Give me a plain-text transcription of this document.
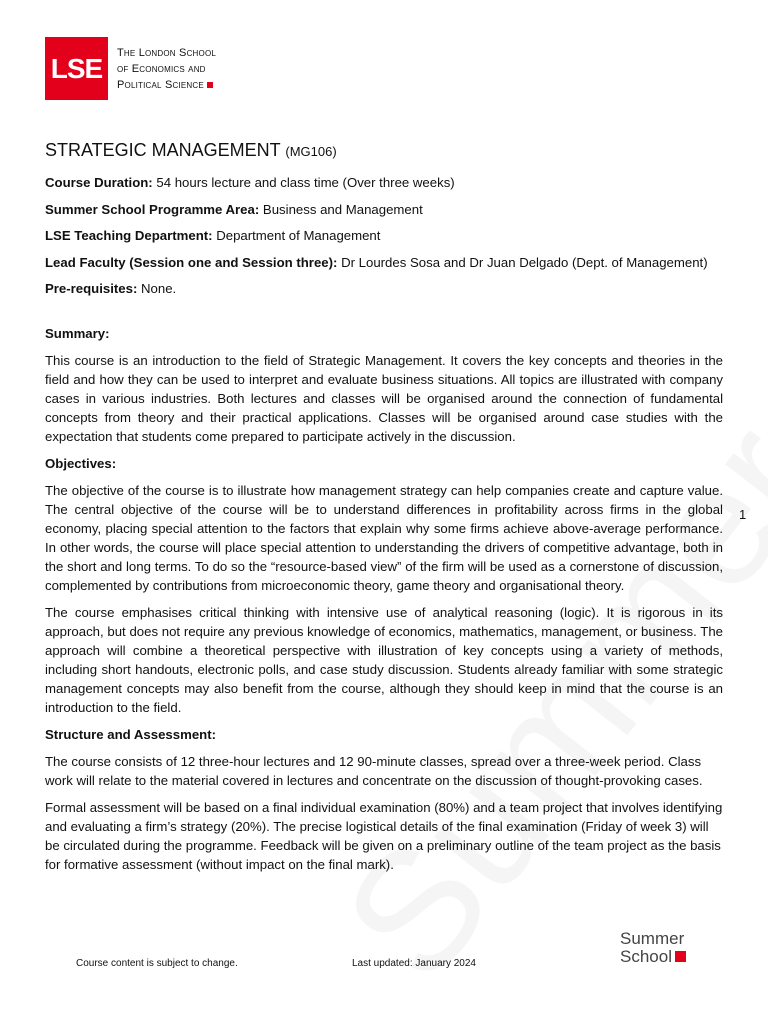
LSE	The London School
of Economics and
Political Science
STRATEGIC MANAGEMENT (MG106)

Course Duration: 54 hours lecture and class time (Over three weeks)

Summer School Programme Area: Business and Management

LSE Teaching Department: Department of Management

Lead Faculty (Session one and Session three): Dr Lourdes Sosa and Dr Juan Delgado (Dept. of Management)

Pre-requisites: None.

Summary:

This course is an introduction to the field of Strategic Management. It covers the key concepts and theories in the field and how they can be used to interpret and evaluate business situations. All topics are illustrated with company cases in various industries. Both lectures and classes will be organised around the connection of fundamental concepts from theory and their practical applications. Classes will be organised around case studies with the expectation that students come prepared to participate actively in the discussion.

Objectives:

The objective of the course is to illustrate how management strategy can help companies create and capture value. The central objective of the course will be to understand differences in profitability across firms in the global economy, placing special attention to the factors that explain why some firms achieve above-average performance. In other words, the course will place special attention to understanding the drivers of competitive advantage, both in the short and long terms. To do so the “resource-based view” of the firm will be used as a cornerstone of discussion, complemented by contributions from microeconomic theory, game theory and organisational theory.

The course emphasises critical thinking with intensive use of analytical reasoning (logic). It is rigorous in its approach, but does not require any previous knowledge of economics, mathematics, management, or business. The approach will combine a theoretical perspective with illustration of key concepts using a variety of methods, including short handouts, electronic polls, and case study discussion. Students already familiar with some strategic management concepts may also benefit from the course, although they should keep in mind that the course is an introduction to the field.

Structure and Assessment:

The course consists of 12 three-hour lectures and 12 90-minute classes, spread over a three-week period. Class work will relate to the material covered in lectures and concentrate on the discussion of thought-provoking cases.

Formal assessment will be based on a final individual examination (80%) and a team project that involves identifying and evaluating a firm’s strategy (20%). The precise logistical details of the final examination (Friday of week 3) will be circulated during the programme. Feedback will be given on a preliminary outline of the team project as the basis for formative assessment (without impact on the final mark).

1
Course content is subject to change.	Last updated: January 2024
Summer
School
